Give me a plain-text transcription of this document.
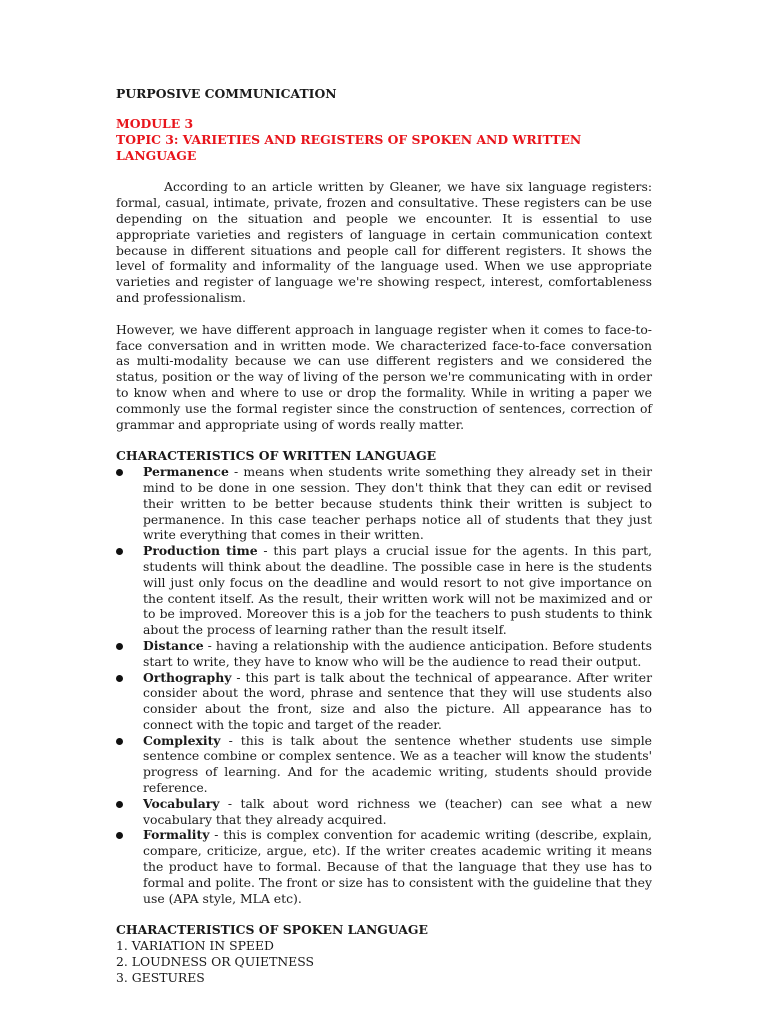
PURPOSIVE COMMUNICATION
MODULE 3
TOPIC 3: VARIETIES AND REGISTERS OF SPOKEN AND WRITTEN LANGUAGE

According to an article written by Gleaner, we have six language registers: formal, casual, intimate, private, frozen and consultative. These registers can be use depending on the situation and people we encounter. It is essential to use appropriate varieties and registers of language in certain communication context because in different situations and people call for different registers. It shows the level of formality and informality of the language used. When we use appropriate varieties and register of language we're showing respect, interest, comfortableness and professionalism.

However, we have different approach in language register when it comes to face-to-face conversation and in written mode. We characterized face-to-face conversation as multi-modality because we can use different registers and we considered the status, position or the way of living of the person we're communicating with in order to know when and where to use or drop the formality. While in writing a paper we commonly use the formal register since the construction of sentences, correction of grammar and appropriate using of words really matter.

CHARACTERISTICS OF WRITTEN LANGUAGE
Permanence - means when students write something they already set in their mind to be done in one session. They don't think that they can edit or revised their written to be better because students think their written is subject to permanence. In this case teacher perhaps notice all of students that they just write everything that comes in their written.
Production time - this part plays a crucial issue for the agents. In this part, students will think about the deadline. The possible case in here is the students will just only focus on the deadline and would resort to not give importance on the content itself. As the result, their written work will not be maximized and or to be improved. Moreover this is a job for the teachers to push students to think about the process of learning rather than the result itself.
Distance - having a relationship with the audience anticipation. Before students start to write, they have to know who will be the audience to read their output.
Orthography - this part is talk about the technical of appearance. After writer consider about the word, phrase and sentence that they will use students also consider about the front, size and also the picture. All appearance has to connect with the topic and target of the reader.
Complexity - this is talk about the sentence whether students use simple sentence combine or complex sentence. We as a teacher will know the students' progress of learning. And for the academic writing, students should provide reference.
Vocabulary - talk about word richness we (teacher) can see what a new vocabulary that they already acquired.
Formality - this is complex convention for academic writing (describe, explain, compare, criticize, argue, etc). If the writer creates academic writing it means the product have to formal. Because of that the language that they use has to formal and polite. The front or size has to consistent with the guideline that they use (APA style, MLA etc).
CHARACTERISTICS OF SPOKEN LANGUAGE
1. VARIATION IN SPEED
2. LOUDNESS OR QUIETNESS
3. GESTURES
